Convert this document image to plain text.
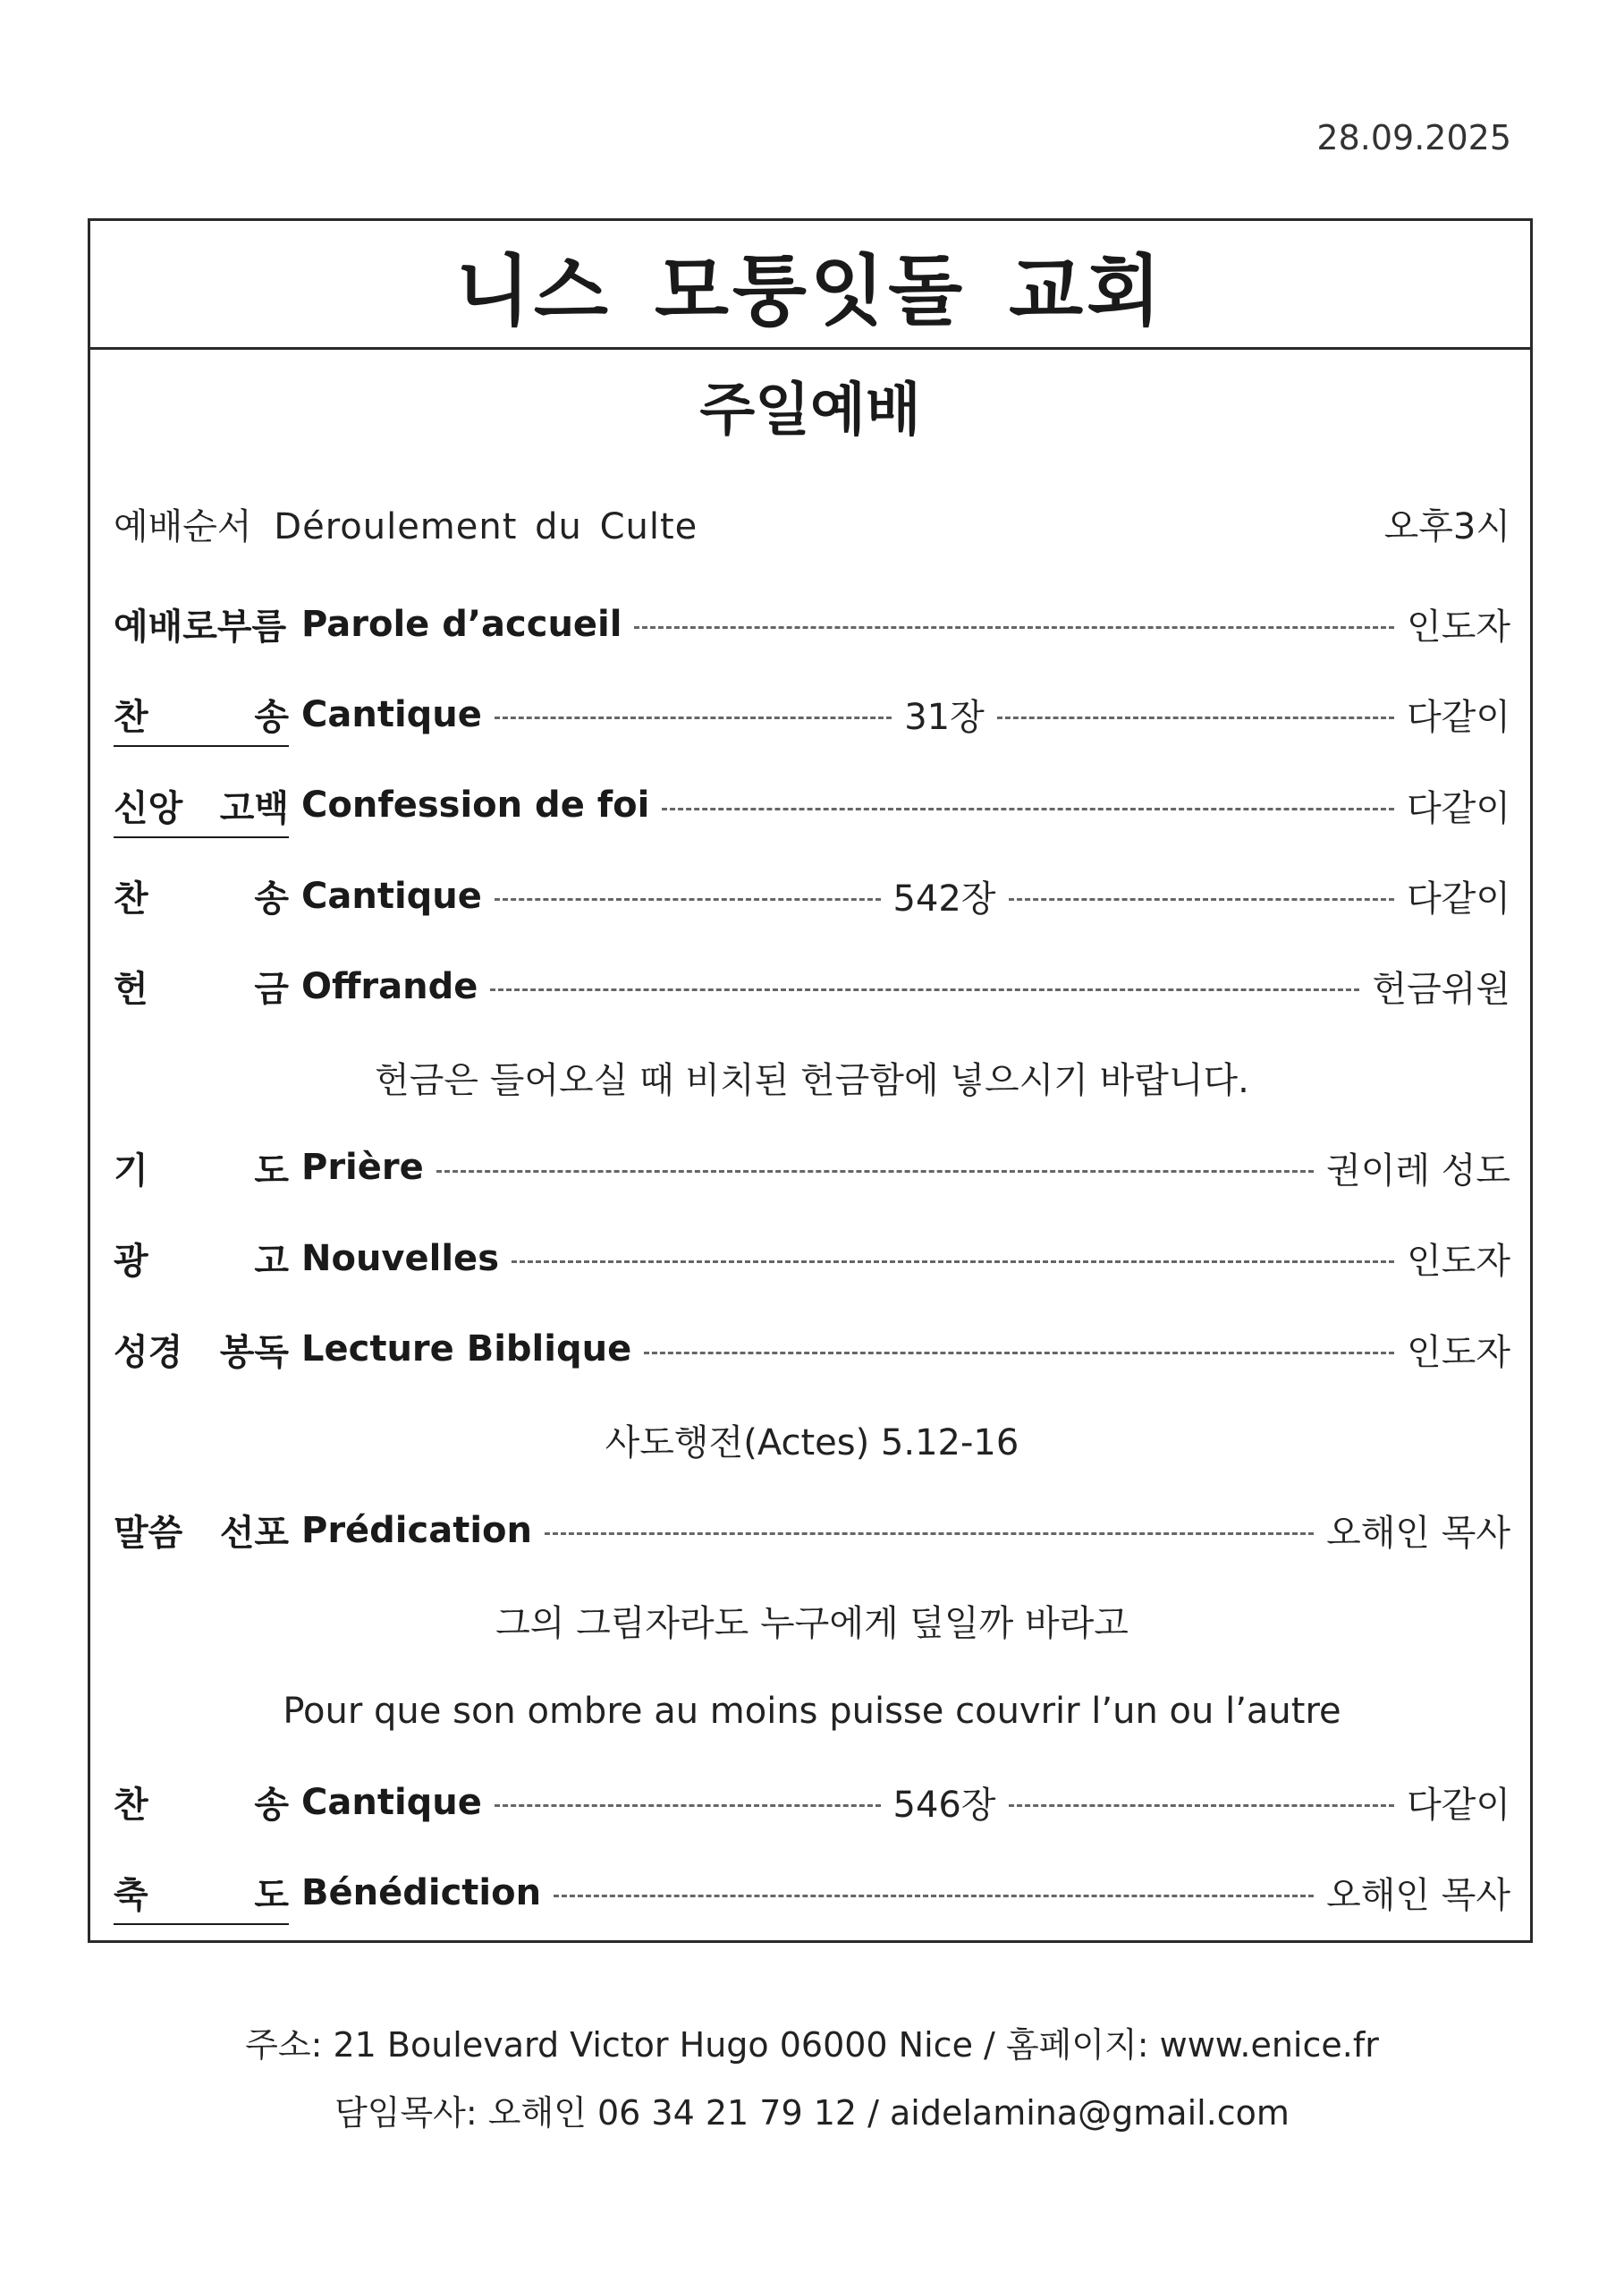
28.09.2025
니스 모퉁잇돌 교회
주일예배
예배순서 Déroulement du Culte	오후3시
예배로부름 Parole d’accueil	인도자
찬	송 Cantique	31장	다같이
신앙 고백 Confession de foi	다같이
찬	송 Cantique	542장	다같이
헌	금 Offrande	헌금위원
헌금은 들어오실 때 비치된 헌금함에 넣으시기 바랍니다.
기	도 Prière	권이레 성도
광	고 Nouvelles	인도자
성경 봉독 Lecture Biblique	인도자
사도행전(Actes) 5.12-16
말씀 선포 Prédication	오해인 목사
그의 그림자라도 누구에게 덮일까 바라고
Pour que son ombre au moins puisse couvrir l’un ou l’autre
찬	송 Cantique	546장	다같이
축	도 Bénédiction	오해인 목사
주소: 21 Boulevard Victor Hugo 06000 Nice / 홈페이지: www.enice.fr
담임목사: 오해인 06 34 21 79 12 / aidelamina@gmail.com
